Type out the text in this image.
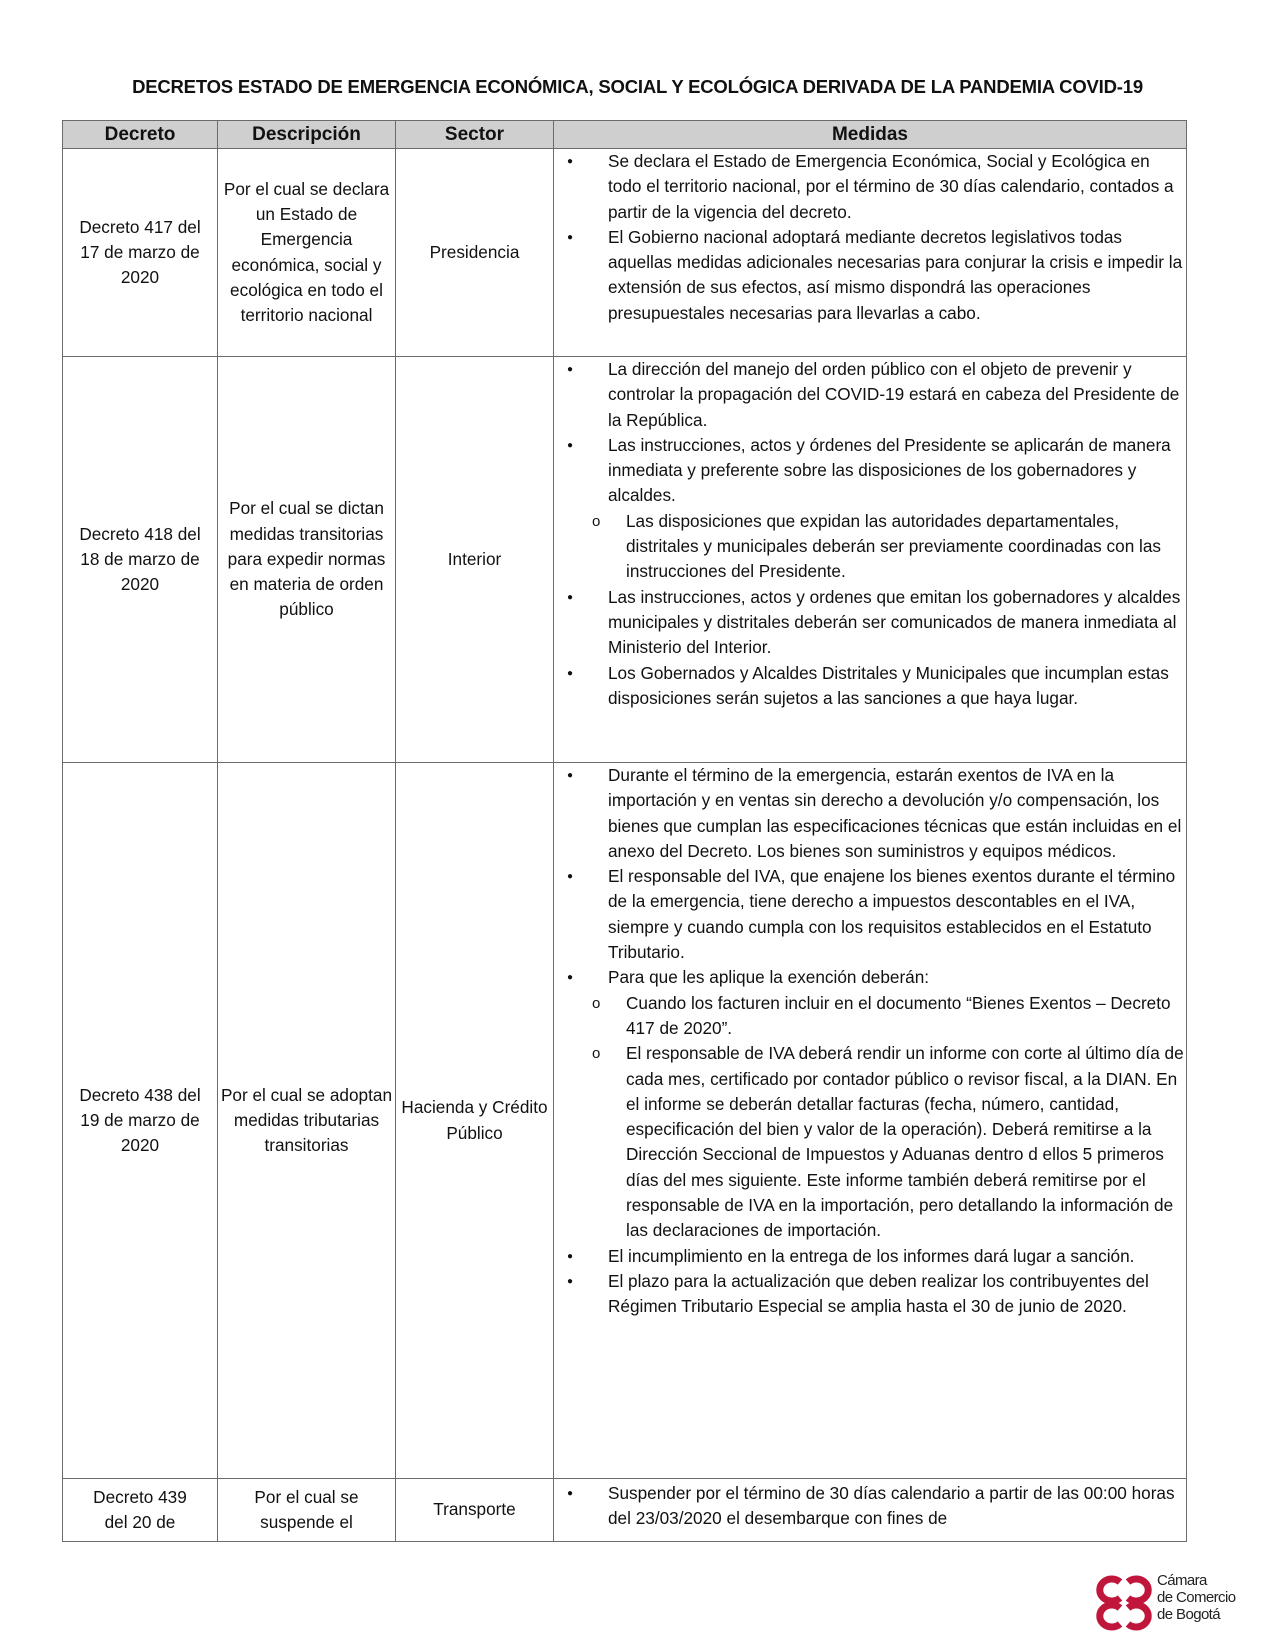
DECRETOS ESTADO DE EMERGENCIA ECONÓMICA, SOCIAL Y ECOLÓGICA DERIVADA DE LA PANDEMIA COVID-19
Decreto	Descripción	Sector	Medidas
Decreto 417 del 17 de marzo de 2020	Por el cual se declara un Estado de Emergencia económica, social y ecológica en todo el territorio nacional	Presidencia	
● Se declara el Estado de Emergencia Económica, Social y Ecológica en todo el territorio nacional, por el término de 30 días calendario, contados a partir de la vigencia del decreto.
● El Gobierno nacional adoptará mediante decretos legislativos todas aquellas medidas adicionales necesarias para conjurar la crisis e impedir la extensión de sus efectos, así mismo dispondrá las operaciones presupuestales necesarias para llevarlas a cabo.

Decreto 418 del 18 de marzo de 2020	Por el cual se dictan medidas transitorias para expedir normas en materia de orden público	Interior	
● La dirección del manejo del orden público con el objeto de prevenir y controlar la propagación del COVID-19 estará en cabeza del Presidente de la República.
● Las instrucciones, actos y órdenes del Presidente se aplicarán de manera inmediata y preferente sobre las disposiciones de los gobernadores y alcaldes.
o Las disposiciones que expidan las autoridades departamentales, distritales y municipales deberán ser previamente coordinadas con las instrucciones del Presidente.
● Las instrucciones, actos y ordenes que emitan los gobernadores y alcaldes municipales y distritales deberán ser comunicados de manera inmediata al Ministerio del Interior.
● Los Gobernados y Alcaldes Distritales y Municipales que incumplan estas disposiciones serán sujetos a las sanciones a que haya lugar.

Decreto 438 del 19 de marzo de 2020	Por el cual se adoptan medidas tributarias transitorias	Hacienda y Crédito Público	
● Durante el término de la emergencia, estarán exentos de IVA en la importación y en ventas sin derecho a devolución y/o compensación, los bienes que cumplan las especificaciones técnicas que están incluidas en el anexo del Decreto. Los bienes son suministros y equipos médicos.
● El responsable del IVA, que enajene los bienes exentos durante el término de la emergencia, tiene derecho a impuestos descontables en el IVA, siempre y cuando cumpla con los requisitos establecidos en el Estatuto Tributario.
● Para que les aplique la exención deberán:
o Cuando los facturen incluir en el documento “Bienes Exentos – Decreto 417 de 2020”.
o El responsable de IVA deberá rendir un informe con corte al último día de cada mes, certificado por contador público o revisor fiscal, a la DIAN. En el informe se deberán detallar facturas (fecha, número, cantidad, especificación del bien y valor de la operación). Deberá remitirse a la Dirección Seccional de Impuestos y Aduanas dentro d ellos 5 primeros días del mes siguiente. Este informe también deberá remitirse por el responsable de IVA en la importación, pero detallando la información de las declaraciones de importación.
● El incumplimiento en la entrega de los informes dará lugar a sanción.
● El plazo para la actualización que deben realizar los contribuyentes del Régimen Tributario Especial se amplia hasta el 30 de junio de 2020.

Decreto 439 del 20 de	Por el cual se suspende el	Transporte	
● Suspender por el término de 30 días calendario a partir de las 00:00 horas del 23/03/2020 el desembarque con fines de
Cámara
de Comercio
de Bogotá
